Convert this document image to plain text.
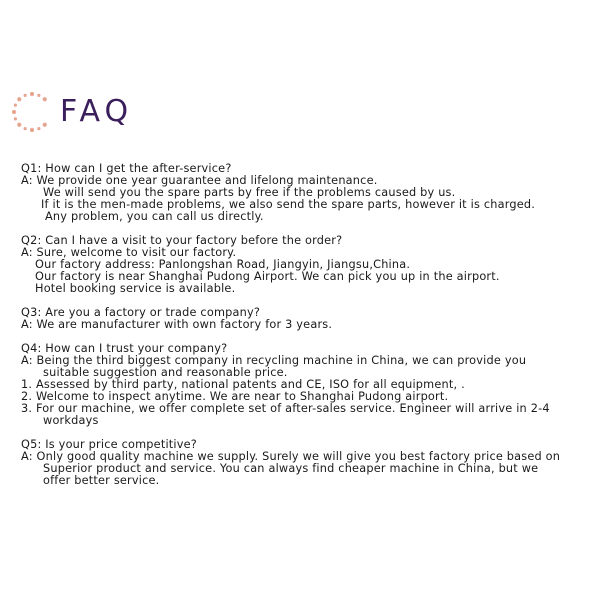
FAQ
Q1: How can I get the after-service?
A: We provide one year guarantee and lifelong maintenance.
We will send you the spare parts by free if the problems caused by us.
If it is the men-made problems, we also send the spare parts, however it is charged.
Any problem, you can call us directly.
Q2: Can I have a visit to your factory before the order?
A: Sure, welcome to visit our factory.
Our factory address: Panlongshan Road, Jiangyin, Jiangsu,China.
Our factory is near Shanghai Pudong Airport. We can pick you up in the airport.
Hotel booking service is available.
Q3: Are you a factory or trade company?
A: We are manufacturer with own factory for 3 years.
Q4: How can I trust your company?
A: Being the third biggest company in recycling machine in China, we can provide you
suitable suggestion and reasonable price.
1. Assessed by third party, national patents and CE, ISO for all equipment, .
2. Welcome to inspect anytime. We are near to Shanghai Pudong airport.
3. For our machine, we offer complete set of after-sales service. Engineer will arrive in 2-4
workdays
Q5: Is your price competitive?
A: Only good quality machine we supply. Surely we will give you best factory price based on
Superior product and service. You can always find cheaper machine in China, but we
offer better service.
